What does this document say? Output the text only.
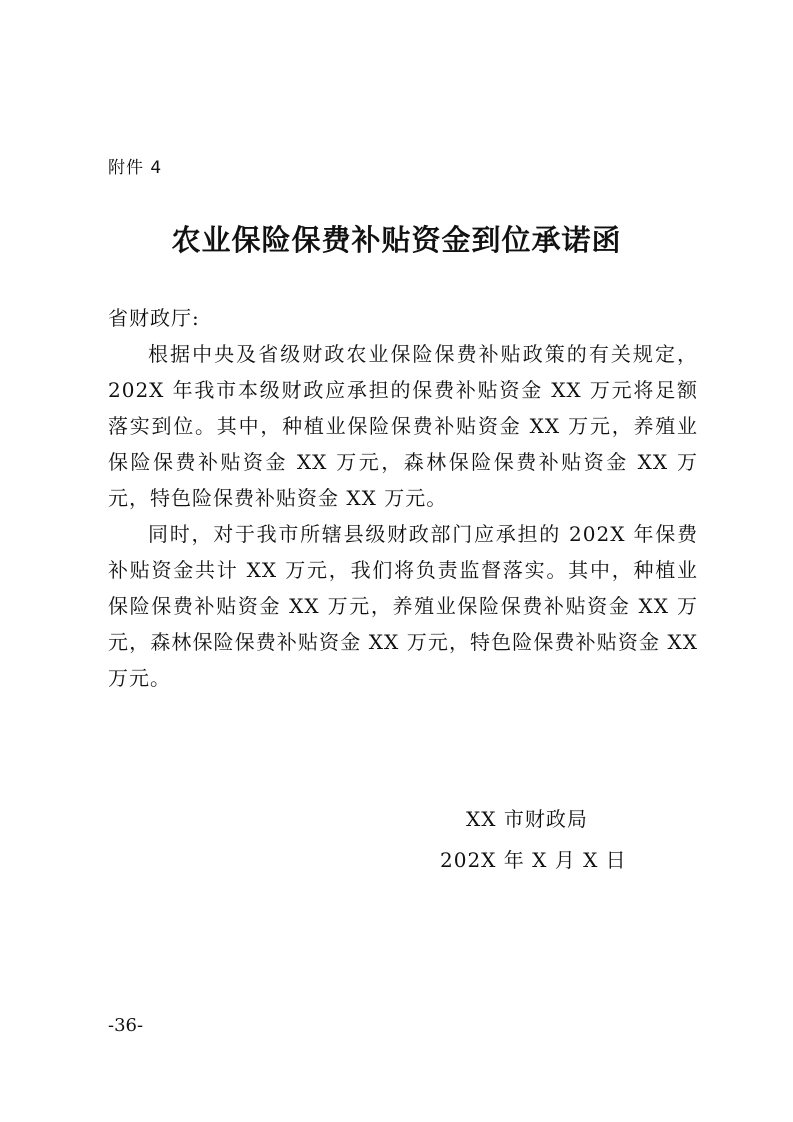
附件 4
农业保险保费补贴资金到位承诺函

省财政厅:

根据中央及省级财政农业保险保费补贴政策的有关规定，202X 年我市本级财政应承担的保费补贴资金 XX 万元将足额落实到位。其中，种植业保险保费补贴资金 XX 万元，养殖业保险保费补贴资金 XX 万元，森林保险保费补贴资金 XX 万元，特色险保费补贴资金 XX 万元。

同时，对于我市所辖县级财政部门应承担的 202X 年保费补贴资金共计 XX 万元，我们将负责监督落实。其中，种植业保险保费补贴资金 XX 万元，养殖业保险保费补贴资金 XX 万元，森林保险保费补贴资金 XX 万元，特色险保费补贴资金 XX 万元。

XX 市财政局
202X 年 X 月 X 日
-36-
